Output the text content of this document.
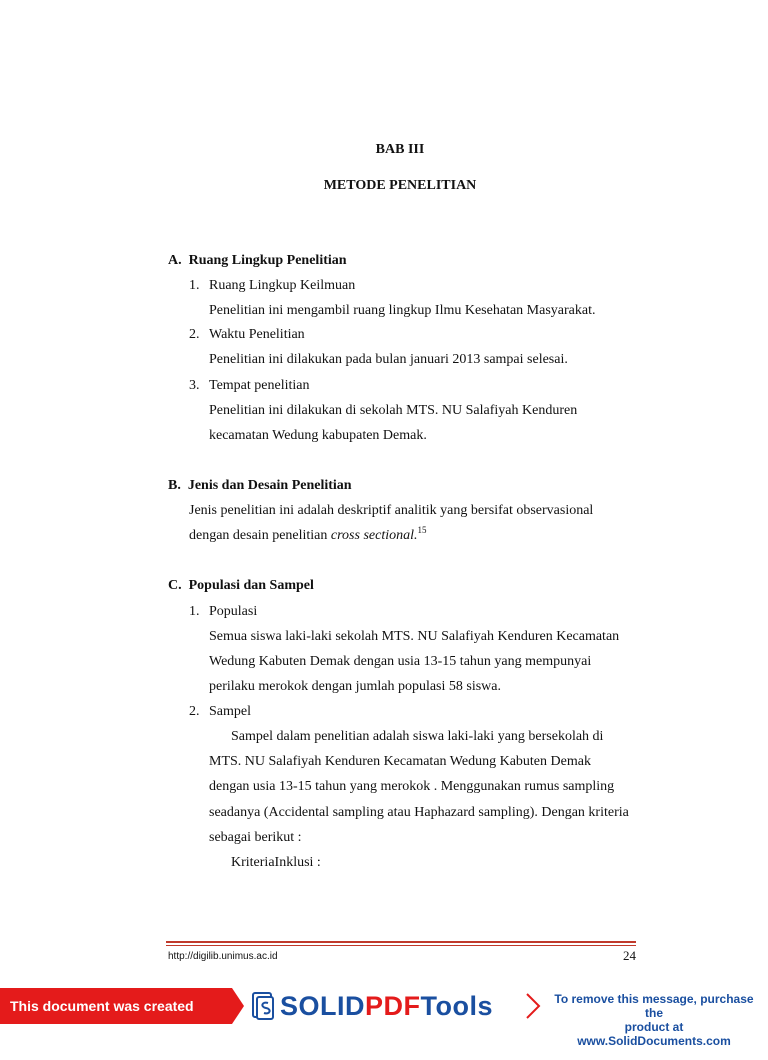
BAB III
METODE PENELITIAN
A.  Ruang Lingkup Penelitian
1. Ruang Lingkup Keilmuan
Penelitian ini mengambil ruang lingkup Ilmu Kesehatan Masyarakat.
2. Waktu Penelitian
Penelitian ini dilakukan pada bulan januari 2013 sampai selesai.
3. Tempat penelitian
Penelitian ini dilakukan di sekolah MTS. NU Salafiyah Kenduren
kecamatan Wedung kabupaten Demak.
B.  Jenis dan Desain Penelitian
Jenis penelitian ini adalah deskriptif analitik yang bersifat observasional
dengan desain penelitian cross sectional.$^{15}$
C.  Populasi dan Sampel
1. Populasi
Semua siswa laki-laki sekolah MTS. NU Salafiyah Kenduren Kecamatan
Wedung Kabuten Demak dengan usia 13-15 tahun yang mempunyai
perilaku merokok dengan jumlah populasi 58 siswa.
2. Sampel
Sampel dalam penelitian adalah siswa laki-laki yang bersekolah di
MTS. NU Salafiyah Kenduren Kecamatan Wedung Kabuten Demak
dengan usia 13-15 tahun yang merokok . Menggunakan rumus sampling
seadanya (Accidental sampling atau Haphazard sampling). Dengan kriteria
sebagai berikut :
KriteriaInklusi :
http://digilib.unimus.ac.id	24
This document was created using
SOLIDPDFTools	To remove this message, purchase the
product at www.SolidDocuments.com
